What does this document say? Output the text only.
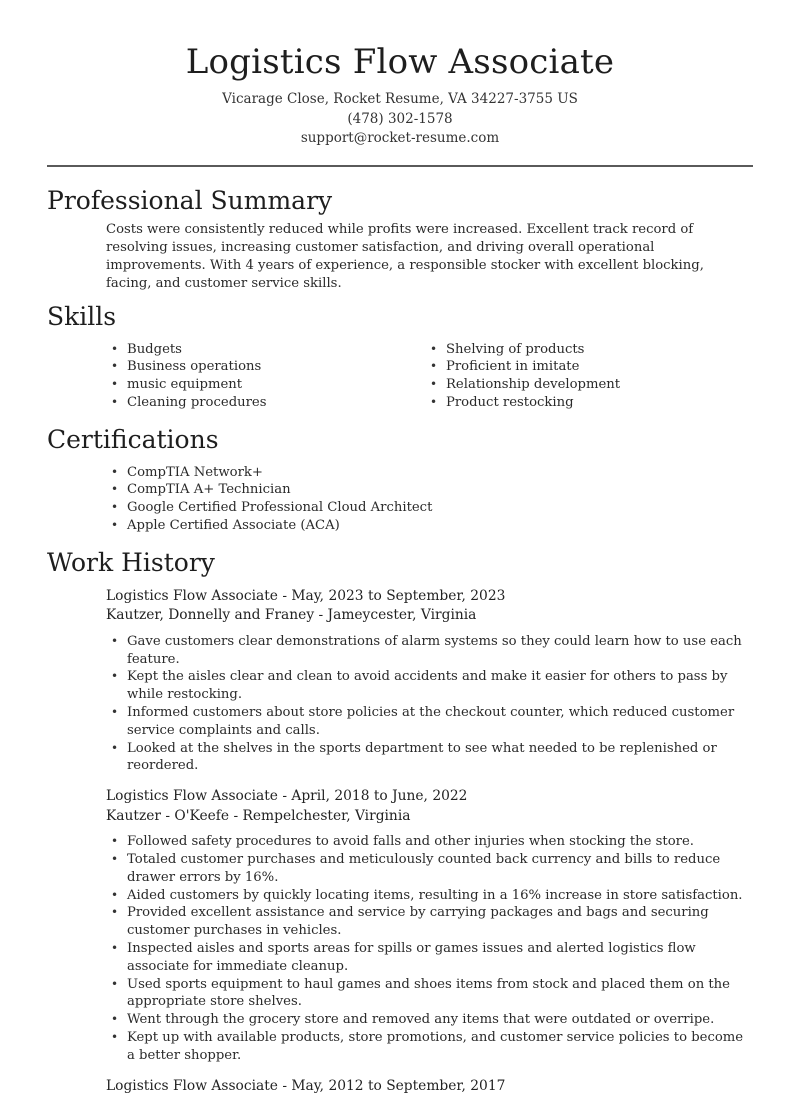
Logistics Flow Associate
Vicarage Close, Rocket Resume, VA 34227-3755 US
(478) 302-1578
support@rocket-resume.com
Professional Summary
Costs were consistently reduced while profits were increased. Excellent track record of resolving issues, increasing customer satisfaction, and driving overall operational improvements. With 4 years of experience, a responsible stocker with excellent blocking, facing, and customer service skills.
Skills
• Budgets
• Business operations
• music equipment
• Cleaning procedures
• Shelving of products
• Proficient in imitate
• Relationship development
• Product restocking
Certifications
• CompTIA Network+
• CompTIA A+ Technician
• Google Certified Professional Cloud Architect
• Apple Certified Associate (ACA)
Work History
Logistics Flow Associate - May, 2023 to September, 2023
Kautzer, Donnelly and Franey - Jameycester, Virginia
• Gave customers clear demonstrations of alarm systems so they could learn how to use each feature.
• Kept the aisles clear and clean to avoid accidents and make it easier for others to pass by while restocking.
• Informed customers about store policies at the checkout counter, which reduced customer service complaints and calls.
• Looked at the shelves in the sports department to see what needed to be replenished or reordered.
Logistics Flow Associate - April, 2018 to June, 2022
Kautzer - O'Keefe - Rempelchester, Virginia
• Followed safety procedures to avoid falls and other injuries when stocking the store.
• Totaled customer purchases and meticulously counted back currency and bills to reduce drawer errors by 16%.
• Aided customers by quickly locating items, resulting in a 16% increase in store satisfaction.
• Provided excellent assistance and service by carrying packages and bags and securing customer purchases in vehicles.
• Inspected aisles and sports areas for spills or games issues and alerted logistics flow associate for immediate cleanup.
• Used sports equipment to haul games and shoes items from stock and placed them on the appropriate store shelves.
• Went through the grocery store and removed any items that were outdated or overripe.
• Kept up with available products, store promotions, and customer service policies to become a better shopper.
Logistics Flow Associate - May, 2012 to September, 2017
